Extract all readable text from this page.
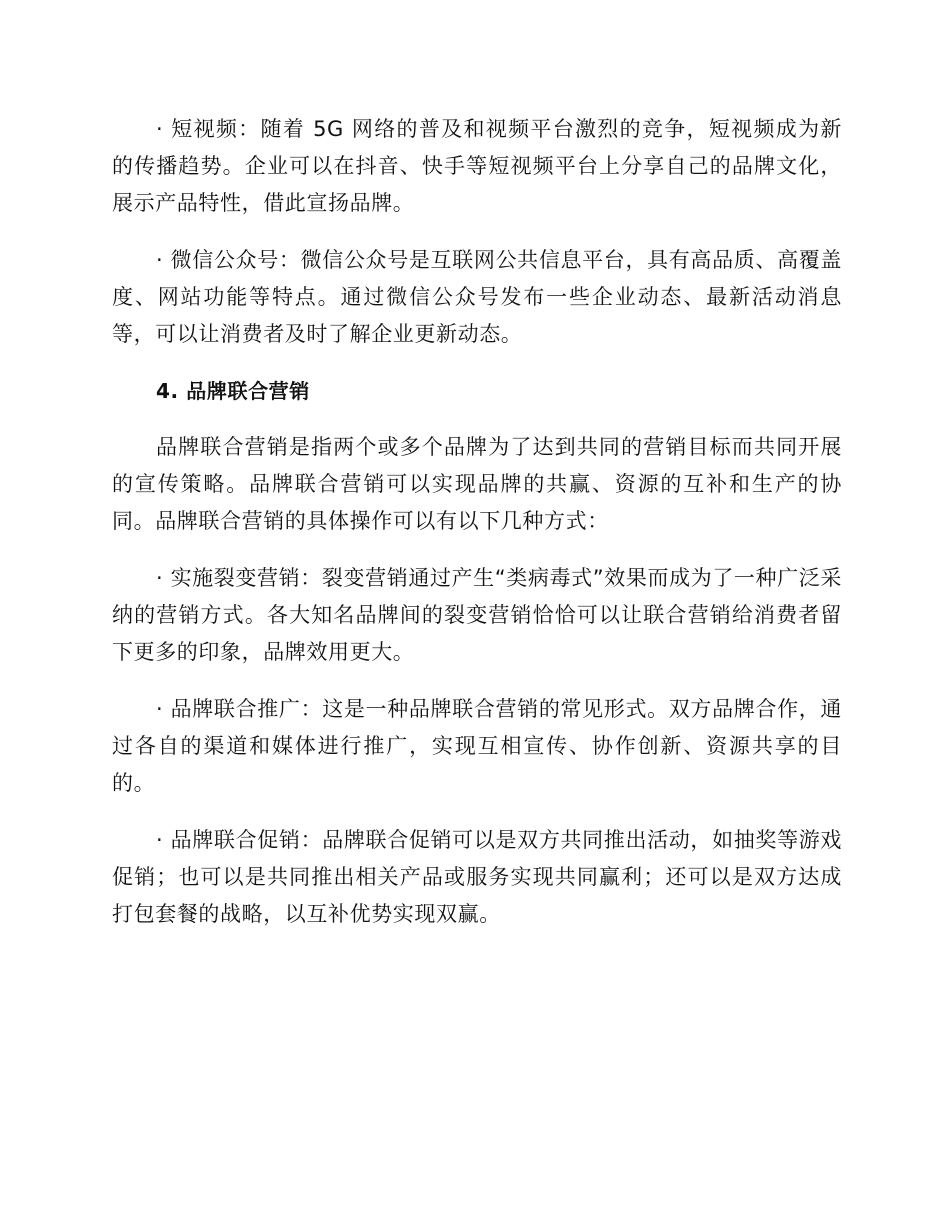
· 短视频：随着 5G 网络的普及和视频平台激烈的竞争，短视频成为新的传播趋势。企业可以在抖音、快手等短视频平台上分享自己的品牌文化，展示产品特性，借此宣扬品牌。

· 微信公众号：微信公众号是互联网公共信息平台，具有高品质、高覆盖度、网站功能等特点。通过微信公众号发布一些企业动态、最新活动消息等，可以让消费者及时了解企业更新动态。

4. 品牌联合营销

品牌联合营销是指两个或多个品牌为了达到共同的营销目标而共同开展的宣传策略。品牌联合营销可以实现品牌的共赢、资源的互补和生产的协同。品牌联合营销的具体操作可以有以下几种方式：

· 实施裂变营销：裂变营销通过产生“类病毒式”效果而成为了一种广泛采纳的营销方式。各大知名品牌间的裂变营销恰恰可以让联合营销给消费者留下更多的印象，品牌效用更大。

· 品牌联合推广：这是一种品牌联合营销的常见形式。双方品牌合作，通过各自的渠道和媒体进行推广，实现互相宣传、协作创新、资源共享的目的。

· 品牌联合促销：品牌联合促销可以是双方共同推出活动，如抽奖等游戏促销；也可以是共同推出相关产品或服务实现共同赢利；还可以是双方达成打包套餐的战略，以互补优势实现双赢。
